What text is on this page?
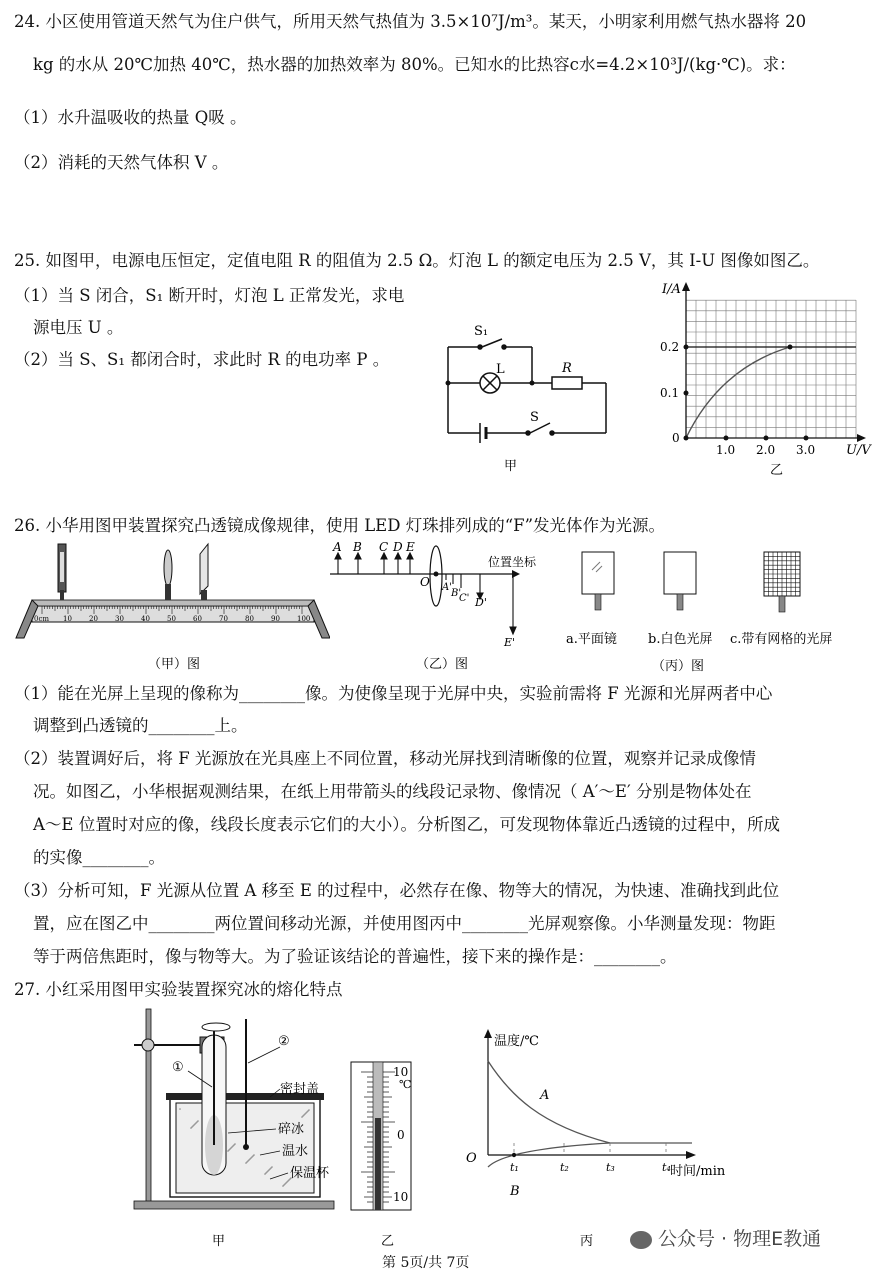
24. 小区使用管道天然气为住户供气，所用天然气热值为 3.5×10⁷J/m³。某天，小明家利用燃气热水器将 20
kg 的水从 20℃加热 40℃，热水器的加热效率为 80%。已知水的比热容c水=4.2×10³J/(kg·℃)。求：
（1）水升温吸收的热量 Q吸 。
（2）消耗的天然气体积 V 。
25. 如图甲，电源电压恒定，定值电阻 R 的阻值为 2.5 Ω。灯泡 L 的额定电压为 2.5 V，其 I-U 图像如图乙。
（1）当 S 闭合，S₁ 断开时，灯泡 L 正常发光，求电
源电压 U 。
（2）当 S、S₁ 都闭合时，求此时 R 的电功率 P 。
S₁
L	R
S
甲
I/A
U/V
0.2
0.1
0
1.0 2.0 3.0
乙
26. 小华用图甲装置探究凸透镜成像规律，使用 LED 灯珠排列成的“F”发光体作为光源。
0cm
（甲）图
10 20 30 40 50 60 70 80 90 100
A B C D E
O A'
B'
C' D'
E'
位置坐标
（乙）图
a.平面镜 b.白色光屏 c.带有网格的光屏
（丙）图
（1）能在光屏上呈现的像称为________像。为使像呈现于光屏中央，实验前需将 F 光源和光屏两者中心
调整到凸透镜的________上。
（2）装置调好后，将 F 光源放在光具座上不同位置，移动光屏找到清晰像的位置，观察并记录成像情
况。如图乙，小华根据观测结果，在纸上用带箭头的线段记录物、像情况（ A′～E′ 分别是物体处在
A～E 位置时对应的像，线段长度表示它们的大小）。分析图乙，可发现物体靠近凸透镜的过程中，所成
的实像________。
（3）分析可知，F 光源从位置 A 移至 E 的过程中，必然存在像、物等大的情况，为快速、准确找到此位
置，应在图乙中________两位置间移动光源，并使用图丙中________光屏观察像。小华测量发现：物距
等于两倍焦距时，像与物等大。为了验证该结论的普遍性，接下来的操作是：________。
27. 小红采用图甲实验装置探究冰的熔化特点
①
②
密封盖
碎冰
温水
保温杯
甲
10
℃
0
10
乙
温度/℃
时间/min
O
A
B
t₁	t₂	t₃	t₄
丙
第 5页/共 7页
公众号 · 物理E教通
